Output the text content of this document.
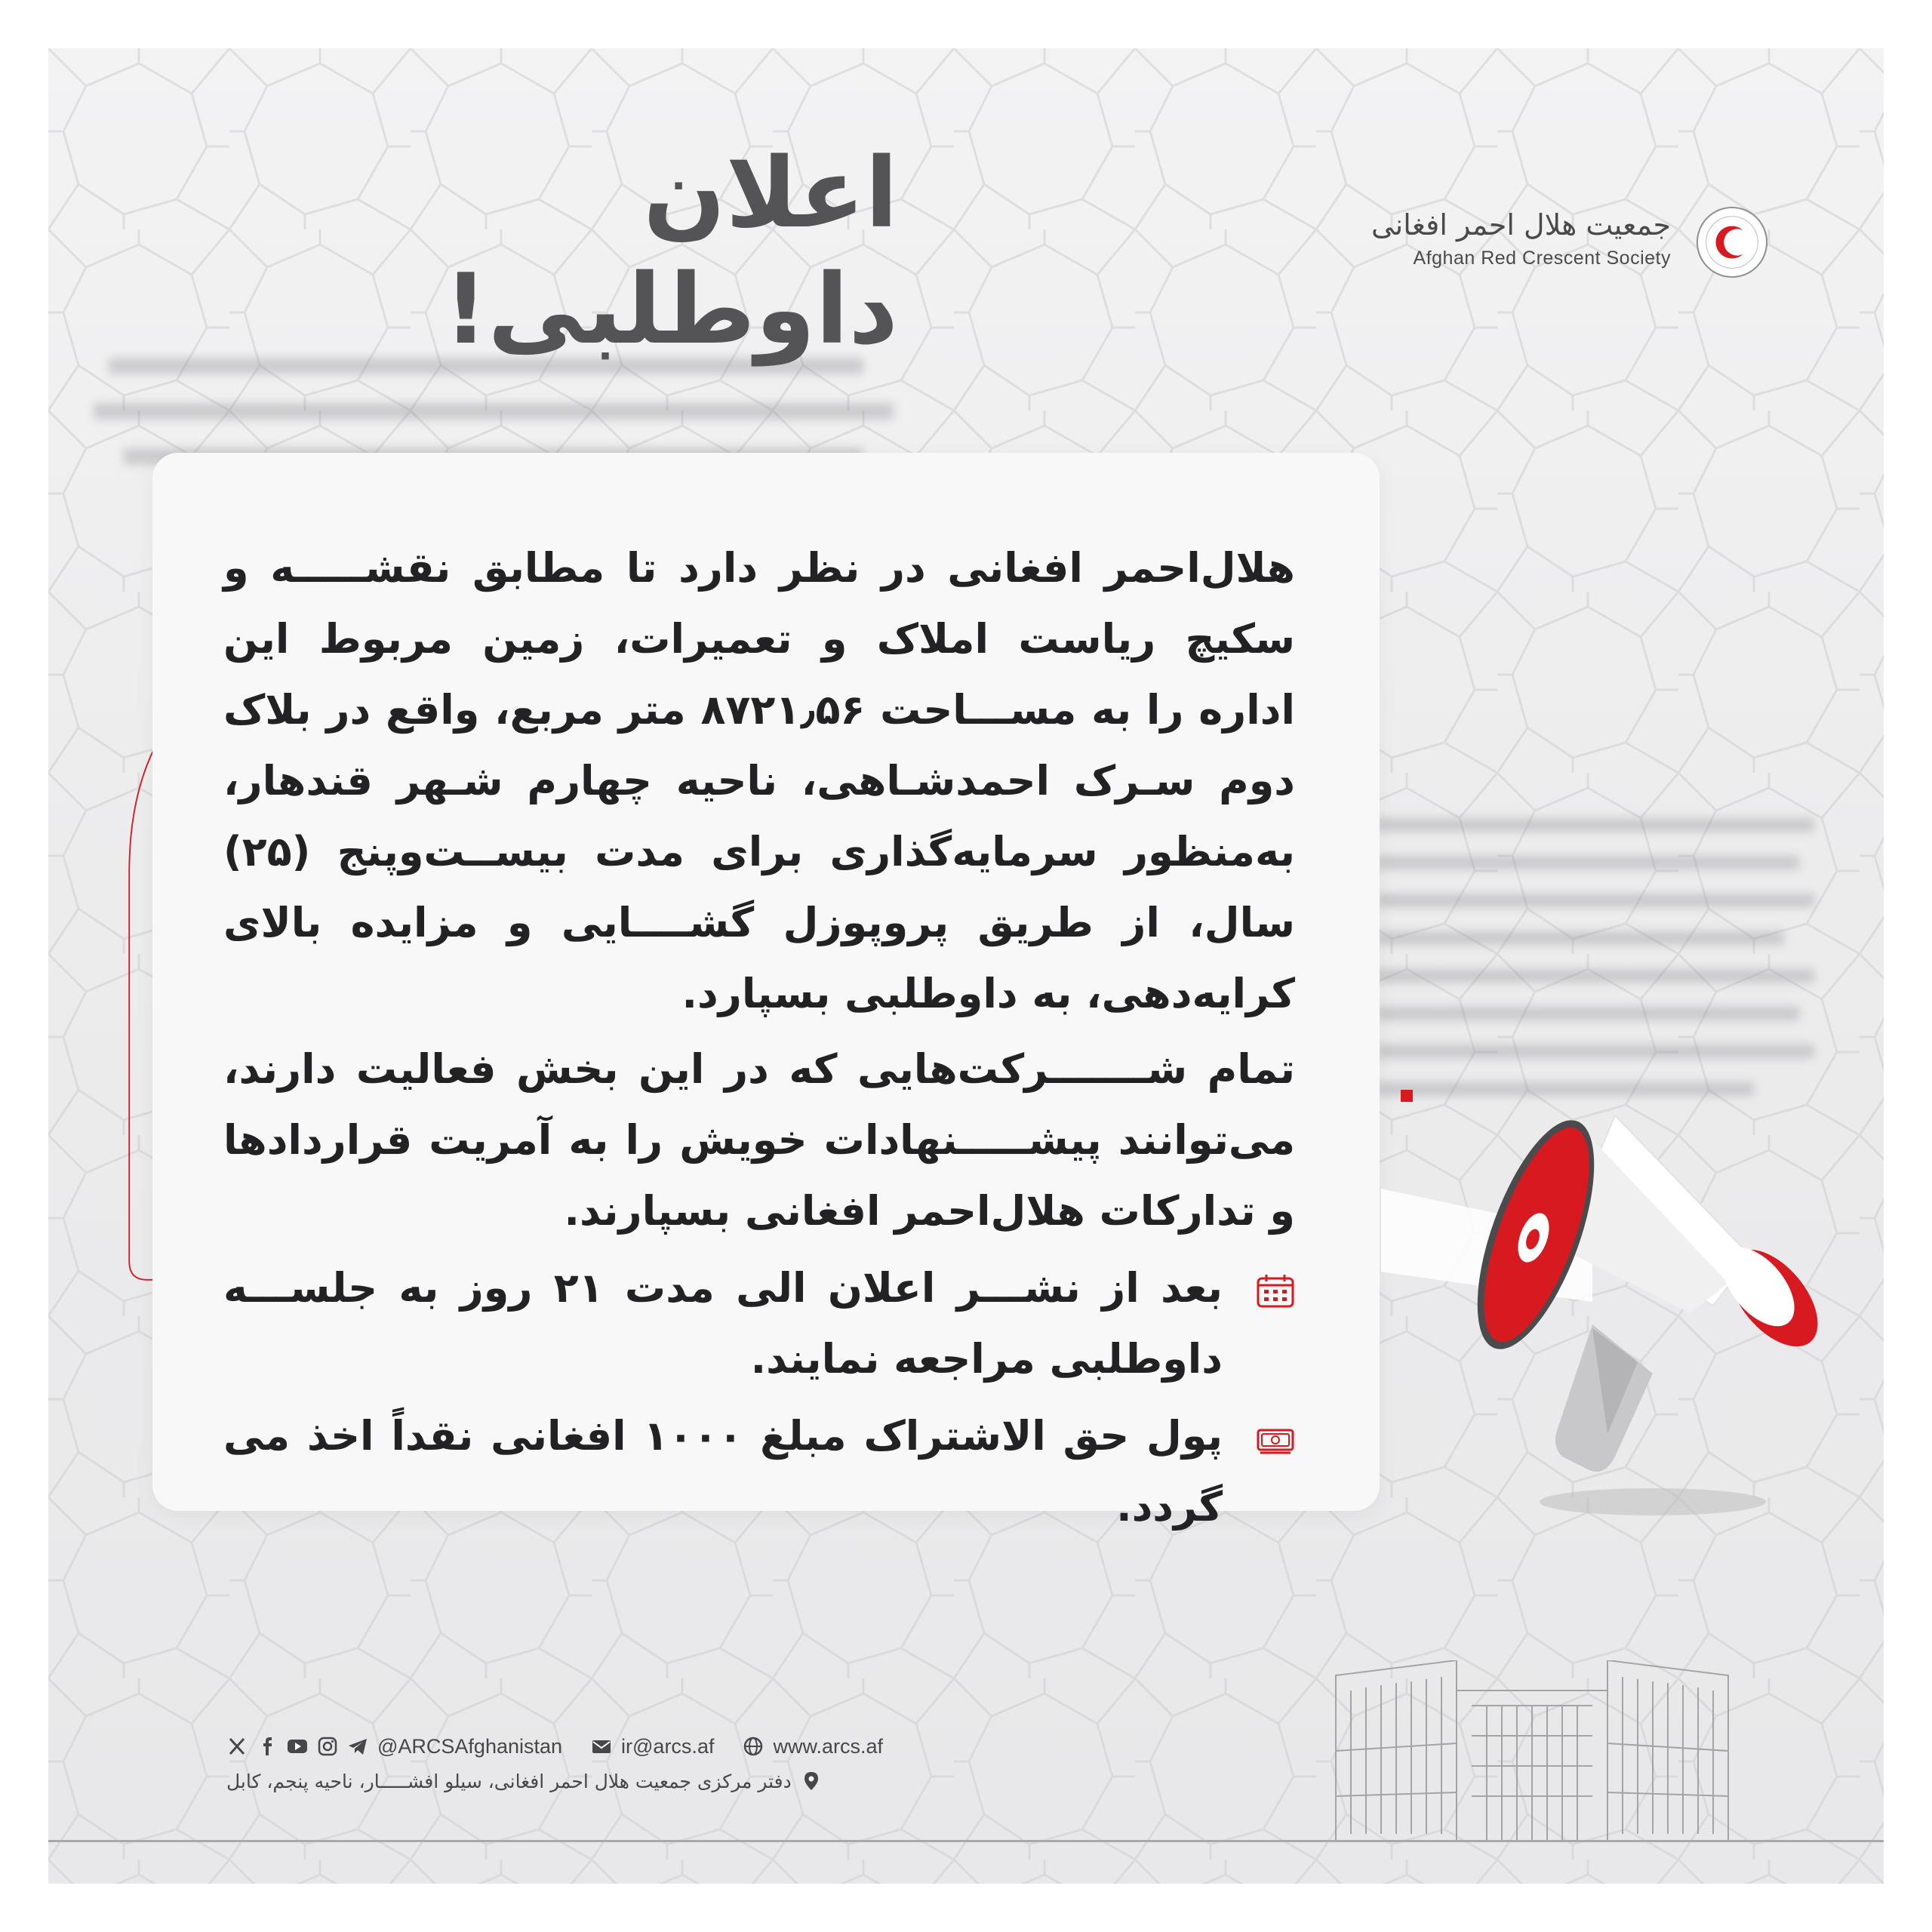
اعلان داوطلبی!
جمعیت هلال احمر افغانی
Afghan Red Crescent Society

هلال‌احمر افغانی در نظر دارد تا مطابق نقشـــــه و سکیچ ریاست املاک و تعمیرات، زمین مربوط این اداره را به مســـاحت ۸۷۲۱٫۵۶ متر مربع، واقع در بلاک دوم سـرک احمدشـاهی، ناحیه چهارم شـهر قندهار، به‌منظور سرمایه‌گذاری برای مدت بیســت‌وپنج (۲۵) سال، از طریق پروپوزل گشــــایی و مزایده بالای کرایه‌دهی، به داوطلبی بسپارد.

تمام شـــــــرکت‌هایی که در این بخش فعالیت دارند، می‌توانند پیشـــــنهادات خویش را به آمریت قراردادها و تدارکات هلال‌احمر افغانی بسپارند.

بعد از نشـــر اعلان الی مدت ۲۱ روز به جلســـه داوطلبی مراجعه نمایند.
پول حق الاشتراک مبلغ ۱۰۰۰ افغانی نقداً اخذ می گردد.
@ARCSAfghanistan	ir@arcs.af	www.arcs.af
دفتر مرکزی جمعیت هلال احمر افغانی، سیلو افشـــــار، ناحیه پنجم، کابل
